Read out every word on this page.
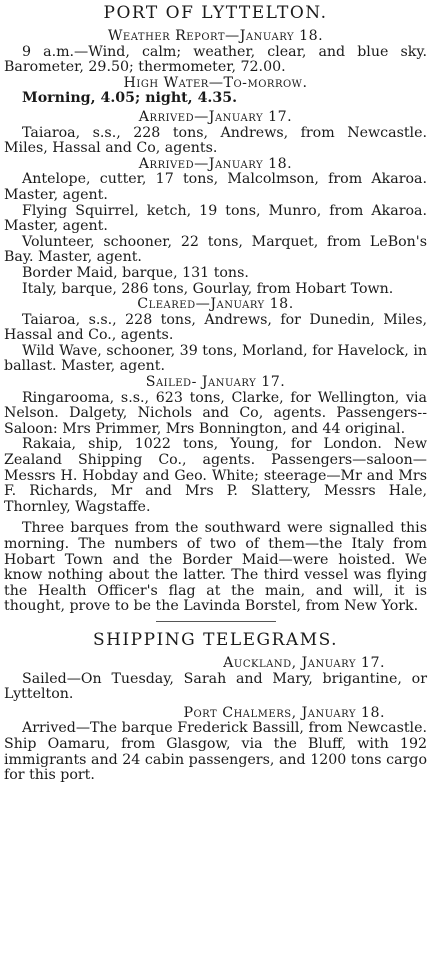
PORT OF LYTTELTON.
Weather Report—January 18.

9 a.m.—Wind, calm; weather, clear, and blue sky. Barometer, 29.50; thermometer, 72.00.

High Water—To-morrow.

Morning, 4.05; night, 4.35.

Arrived—January 17.

Taiaroa, s.s., 228 tons, Andrews, from Newcastle. Miles, Hassal and Co, agents.

Arrived—January 18.

Antelope, cutter, 17 tons, Malcolmson, from Akaroa. Master, agent.

Flying Squirrel, ketch, 19 tons, Munro, from Akaroa. Master, agent.

Volunteer, schooner, 22 tons, Marquet, from LeBon's Bay. Master, agent.

Border Maid, barque, 131 tons.

Italy, barque, 286 tons, Gourlay, from Hobart Town.

Cleared—January 18.

Taiaroa, s.s., 228 tons, Andrews, for Dunedin, Miles, Hassal and Co., agents.

Wild Wave, schooner, 39 tons, Morland, for Havelock, in ballast. Master, agent.

Sailed- January 17.

Ringarooma, s.s., 623 tons, Clarke, for Wellington, via Nelson. Dalgety, Nichols and Co, agents. Passengers--Saloon: Mrs Primmer, Mrs Bonnington, and 44 original.

Rakaia, ship, 1022 tons, Young, for London. New Zealand Shipping Co., agents. Passengers—saloon—Messrs H. Hobday and Geo. White; steerage—Mr and Mrs F. Richards, Mr and Mrs P. Slattery, Messrs Hale, Thornley, Wagstaffe.

Three barques from the southward were signalled this morning. The numbers of two of them—the Italy from Hobart Town and the Border Maid—were hoisted. We know nothing about the latter. The third vessel was flying the Health Officer's flag at the main, and will, it is thought, prove to be the Lavinda Borstel, from New York.

SHIPPING TELEGRAMS.
Auckland, January 17.

Sailed—On Tuesday, Sarah and Mary, brigantine, or Lyttelton.

Port Chalmers, January 18.

Arrived—The barque Frederick Bassill, from Newcastle. Ship Oamaru, from Glasgow, via the Bluff, with 192 immigrants and 24 cabin passengers, and 1200 tons cargo for this port.
